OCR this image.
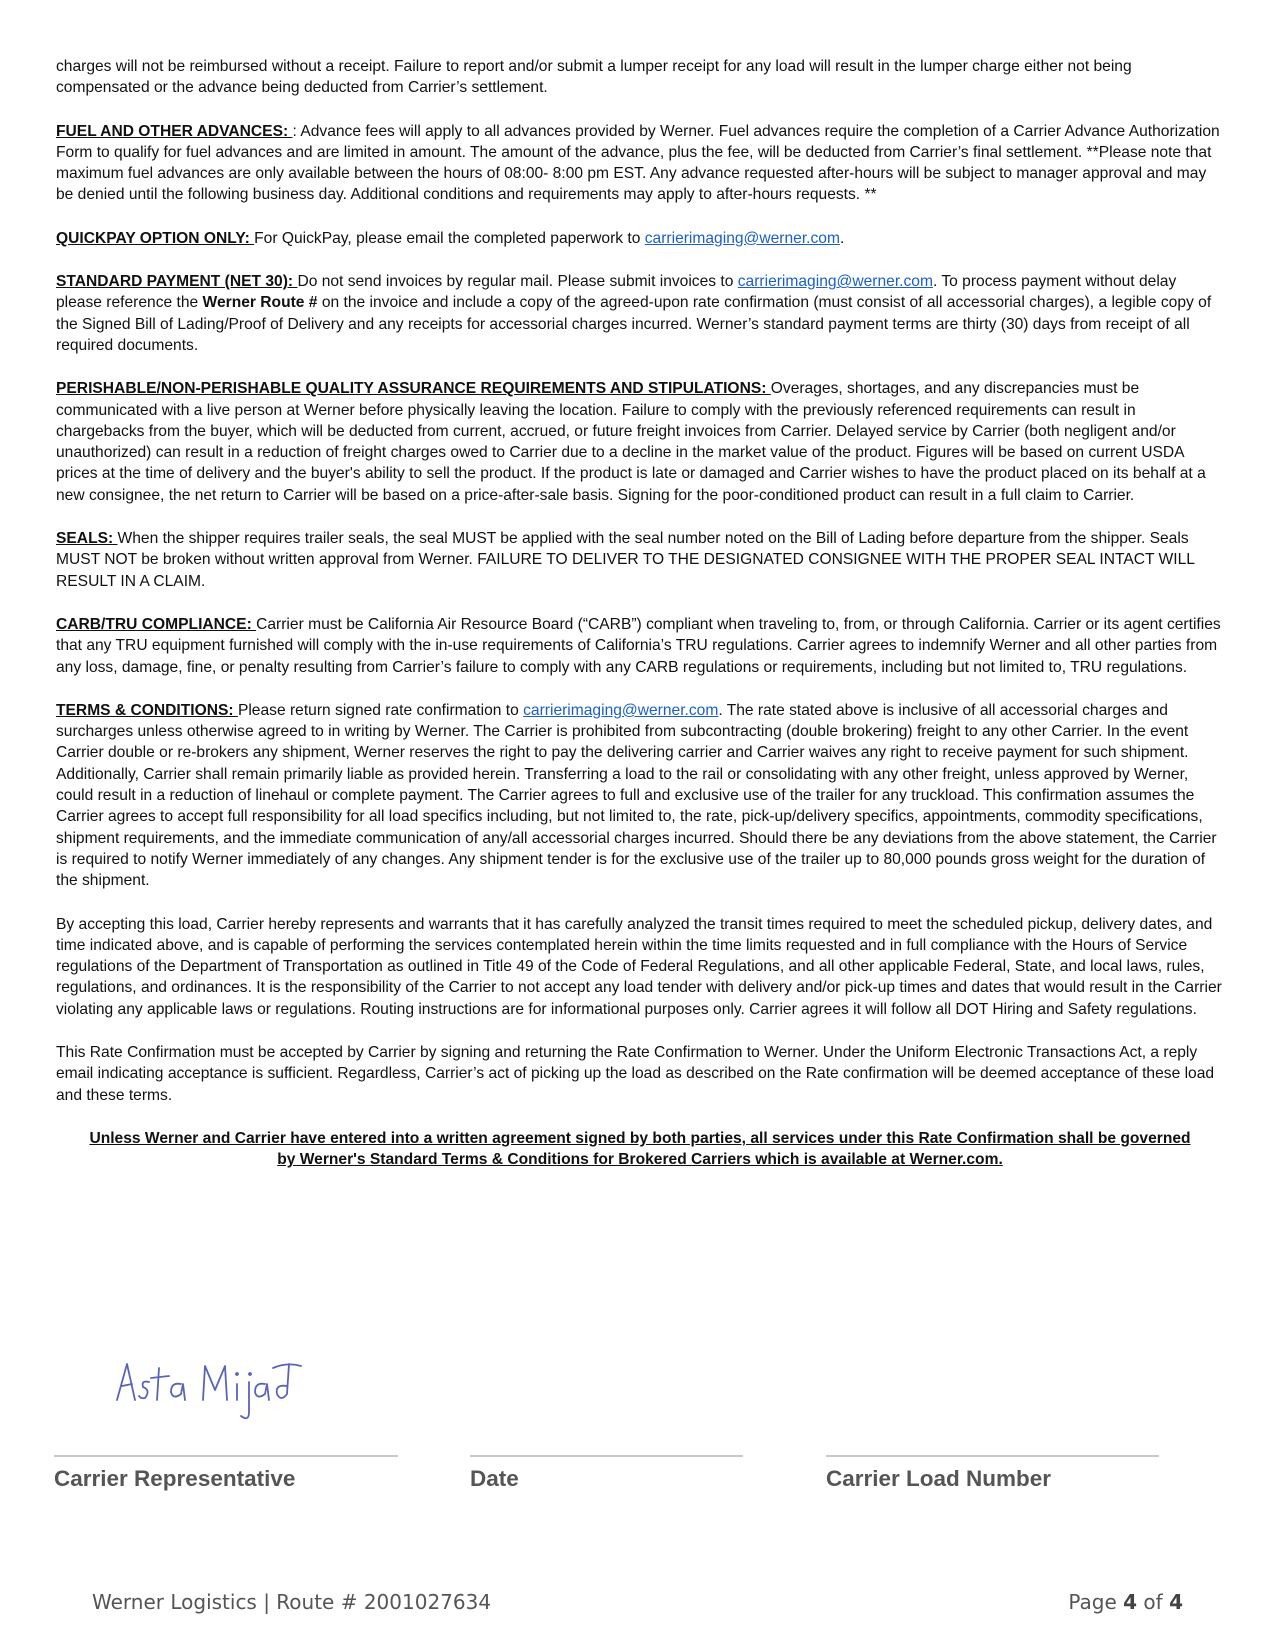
charges will not be reimbursed without a receipt. Failure to report and/or submit a lumper receipt for any load will result in the lumper charge either not being compensated or the advance being deducted from Carrier’s settlement.

FUEL AND OTHER ADVANCES: : Advance fees will apply to all advances provided by Werner. Fuel advances require the completion of a Carrier Advance Authorization Form to qualify for fuel advances and are limited in amount. The amount of the advance, plus the fee, will be deducted from Carrier’s final settlement. **Please note that maximum fuel advances are only available between the hours of 08:00- 8:00 pm EST. Any advance requested after-hours will be subject to manager approval and may be denied until the following business day. Additional conditions and requirements may apply to after-hours requests. **

QUICKPAY OPTION ONLY: For QuickPay, please email the completed paperwork to carrierimaging@werner.com.

STANDARD PAYMENT (NET 30): Do not send invoices by regular mail. Please submit invoices to carrierimaging@werner.com. To process payment without delay please reference the Werner Route # on the invoice and include a copy of the agreed-upon rate confirmation (must consist of all accessorial charges), a legible copy of the Signed Bill of Lading/Proof of Delivery and any receipts for accessorial charges incurred. Werner’s standard payment terms are thirty (30) days from receipt of all required documents.

PERISHABLE/NON-PERISHABLE QUALITY ASSURANCE REQUIREMENTS AND STIPULATIONS: Overages, shortages, and any discrepancies must be communicated with a live person at Werner before physically leaving the location. Failure to comply with the previously referenced requirements can result in chargebacks from the buyer, which will be deducted from current, accrued, or future freight invoices from Carrier. Delayed service by Carrier (both negligent and/or unauthorized) can result in a reduction of freight charges owed to Carrier due to a decline in the market value of the product. Figures will be based on current USDA prices at the time of delivery and the buyer's ability to sell the product. If the product is late or damaged and Carrier wishes to have the product placed on its behalf at a new consignee, the net return to Carrier will be based on a price-after-sale basis. Signing for the poor-conditioned product can result in a full claim to Carrier.

SEALS: When the shipper requires trailer seals, the seal MUST be applied with the seal number noted on the Bill of Lading before departure from the shipper. Seals MUST NOT be broken without written approval from Werner. FAILURE TO DELIVER TO THE DESIGNATED CONSIGNEE WITH THE PROPER SEAL INTACT WILL RESULT IN A CLAIM.

CARB/TRU COMPLIANCE: Carrier must be California Air Resource Board (“CARB”) compliant when traveling to, from, or through California. Carrier or its agent certifies that any TRU equipment furnished will comply with the in-use requirements of California’s TRU regulations. Carrier agrees to indemnify Werner and all other parties from any loss, damage, fine, or penalty resulting from Carrier’s failure to comply with any CARB regulations or requirements, including but not limited to, TRU regulations.

TERMS & CONDITIONS: Please return signed rate confirmation to carrierimaging@werner.com. The rate stated above is inclusive of all accessorial charges and surcharges unless otherwise agreed to in writing by Werner. The Carrier is prohibited from subcontracting (double brokering) freight to any other Carrier. In the event Carrier double or re-brokers any shipment, Werner reserves the right to pay the delivering carrier and Carrier waives any right to receive payment for such shipment. Additionally, Carrier shall remain primarily liable as provided herein. Transferring a load to the rail or consolidating with any other freight, unless approved by Werner, could result in a reduction of linehaul or complete payment. The Carrier agrees to full and exclusive use of the trailer for any truckload. This confirmation assumes the Carrier agrees to accept full responsibility for all load specifics including, but not limited to, the rate, pick-up/delivery specifics, appointments, commodity specifications, shipment requirements, and the immediate communication of any/all accessorial charges incurred. Should there be any deviations from the above statement, the Carrier is required to notify Werner immediately of any changes. Any shipment tender is for the exclusive use of the trailer up to 80,000 pounds gross weight for the duration of the shipment.

By accepting this load, Carrier hereby represents and warrants that it has carefully analyzed the transit times required to meet the scheduled pickup, delivery dates, and time indicated above, and is capable of performing the services contemplated herein within the time limits requested and in full compliance with the Hours of Service regulations of the Department of Transportation as outlined in Title 49 of the Code of Federal Regulations, and all other applicable Federal, State, and local laws, rules, regulations, and ordinances. It is the responsibility of the Carrier to not accept any load tender with delivery and/or pick-up times and dates that would result in the Carrier violating any applicable laws or regulations. Routing instructions are for informational purposes only. Carrier agrees it will follow all DOT Hiring and Safety regulations.

This Rate Confirmation must be accepted by Carrier by signing and returning the Rate Confirmation to Werner. Under the Uniform Electronic Transactions Act, a reply email indicating acceptance is sufficient. Regardless, Carrier’s act of picking up the load as described on the Rate confirmation will be deemed acceptance of these load and these terms.

Unless Werner and Carrier have entered into a written agreement signed by both parties, all services under this Rate Confirmation shall be governed by Werner's Standard Terms & Conditions for Brokered Carriers which is available at Werner.com.
Carrier Representative	Date	Carrier Load Number
Werner Logistics | Route # 2001027634	Page 4 of 4
